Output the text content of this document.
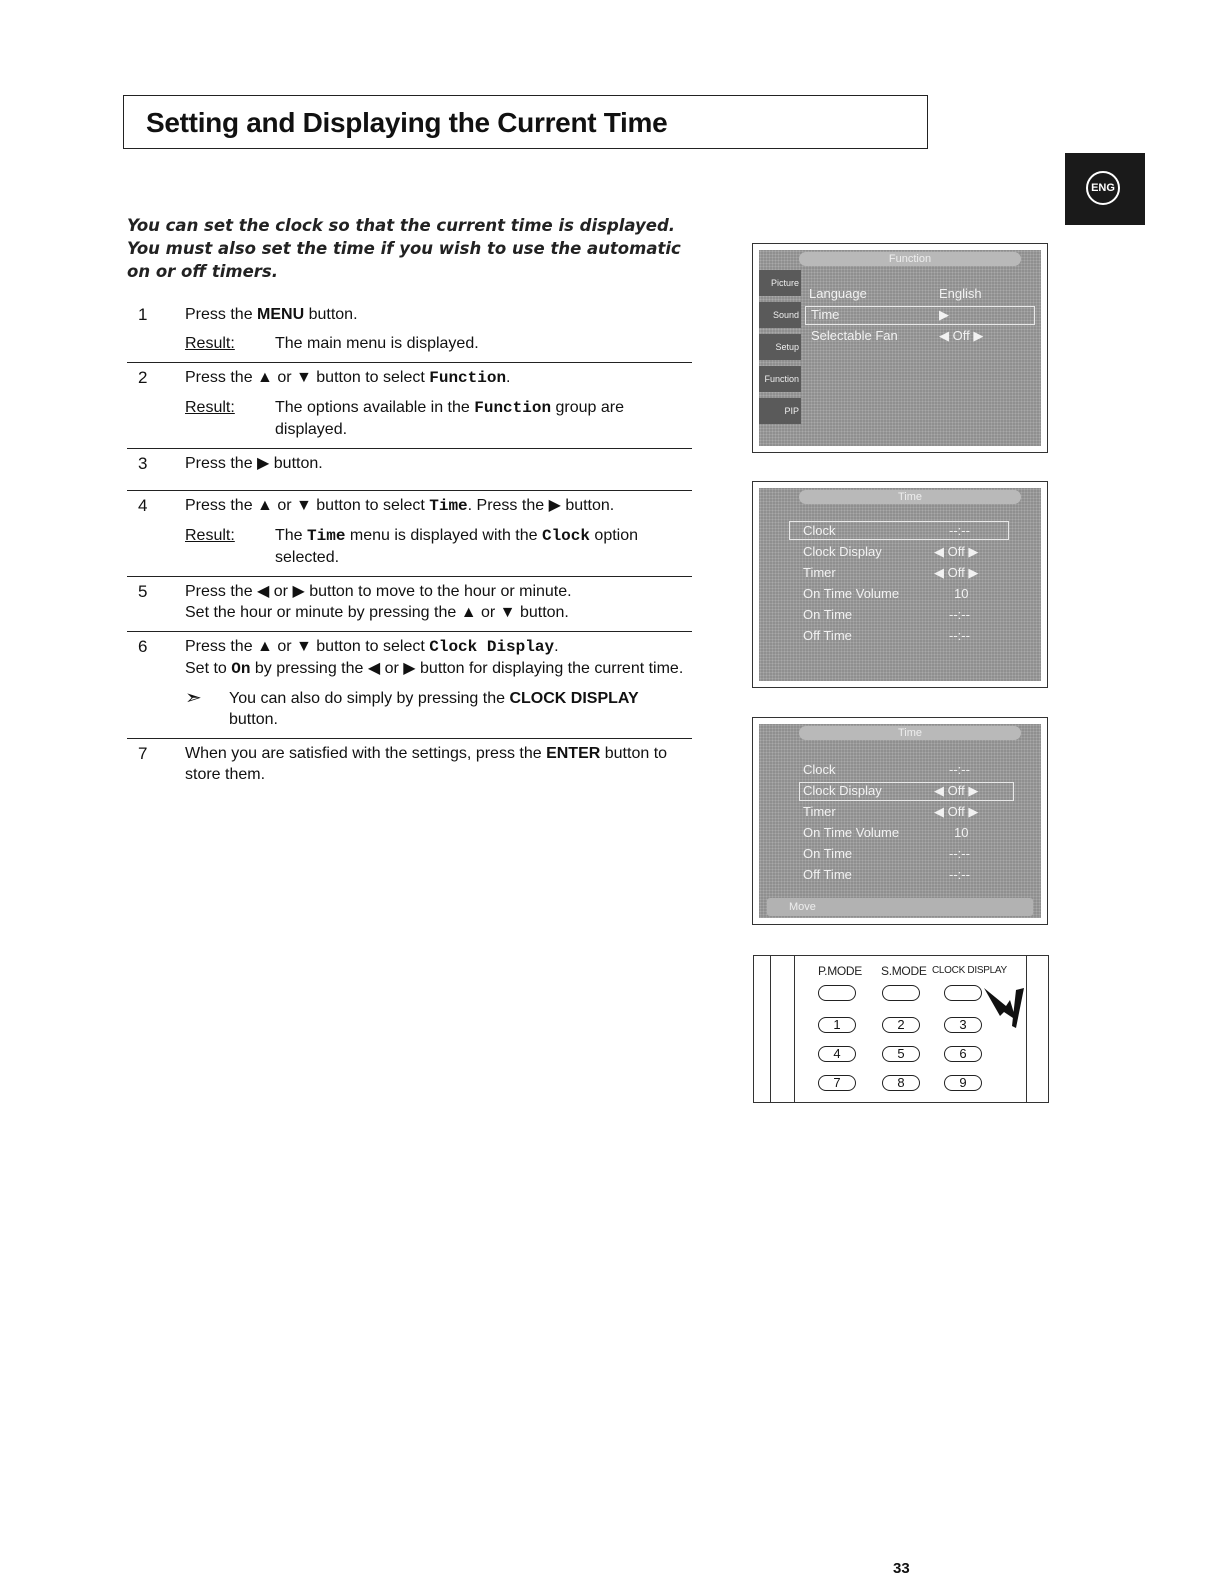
Setting and Displaying the Current Time
ENG
You can set the clock so that the current time is displayed. You must also set the time if you wish to use the automatic on or off timers.
1 Press the MENU button.
Result:	The main menu is displayed.
2 Press the ▲ or ▼ button to select Function.
Result:	The options available in the Function group are displayed.
3 Press the ▶ button.
4 Press the ▲ or ▼ button to select Time. Press the ▶ button.
Result:	The Time menu is displayed with the Clock option selected.
5 Press the ◀ or ▶ button to move to the hour or minute.
Set the hour or minute by pressing the ▲ or ▼ button.
6 Press the ▲ or ▼ button to select Clock Display.
Set to On by pressing the ◀ or ▶ button for displaying the current time.
➣	You can also do simply by pressing the CLOCK DISPLAY button.
7 When you are satisfied with the settings, press the ENTER button to store them.
Function
Picture
Sound
Setup
Function
PIP
Language	English
Time	▶
Selectable Fan	◀ Off ▶
Time
Clock	--:--
Clock Display	◀ Off ▶
Timer	◀ Off ▶
On Time Volume	10
On Time	--:--
Off Time	--:--
Time
Clock	--:--
Clock Display	◀ Off ▶
Timer	◀ Off ▶
On Time Volume	10
On Time	--:--
Off Time	--:--
Move
P.MODE S.MODE CLOCK DISPLAY
1	2	3
4	5	6
7	8	9
33
